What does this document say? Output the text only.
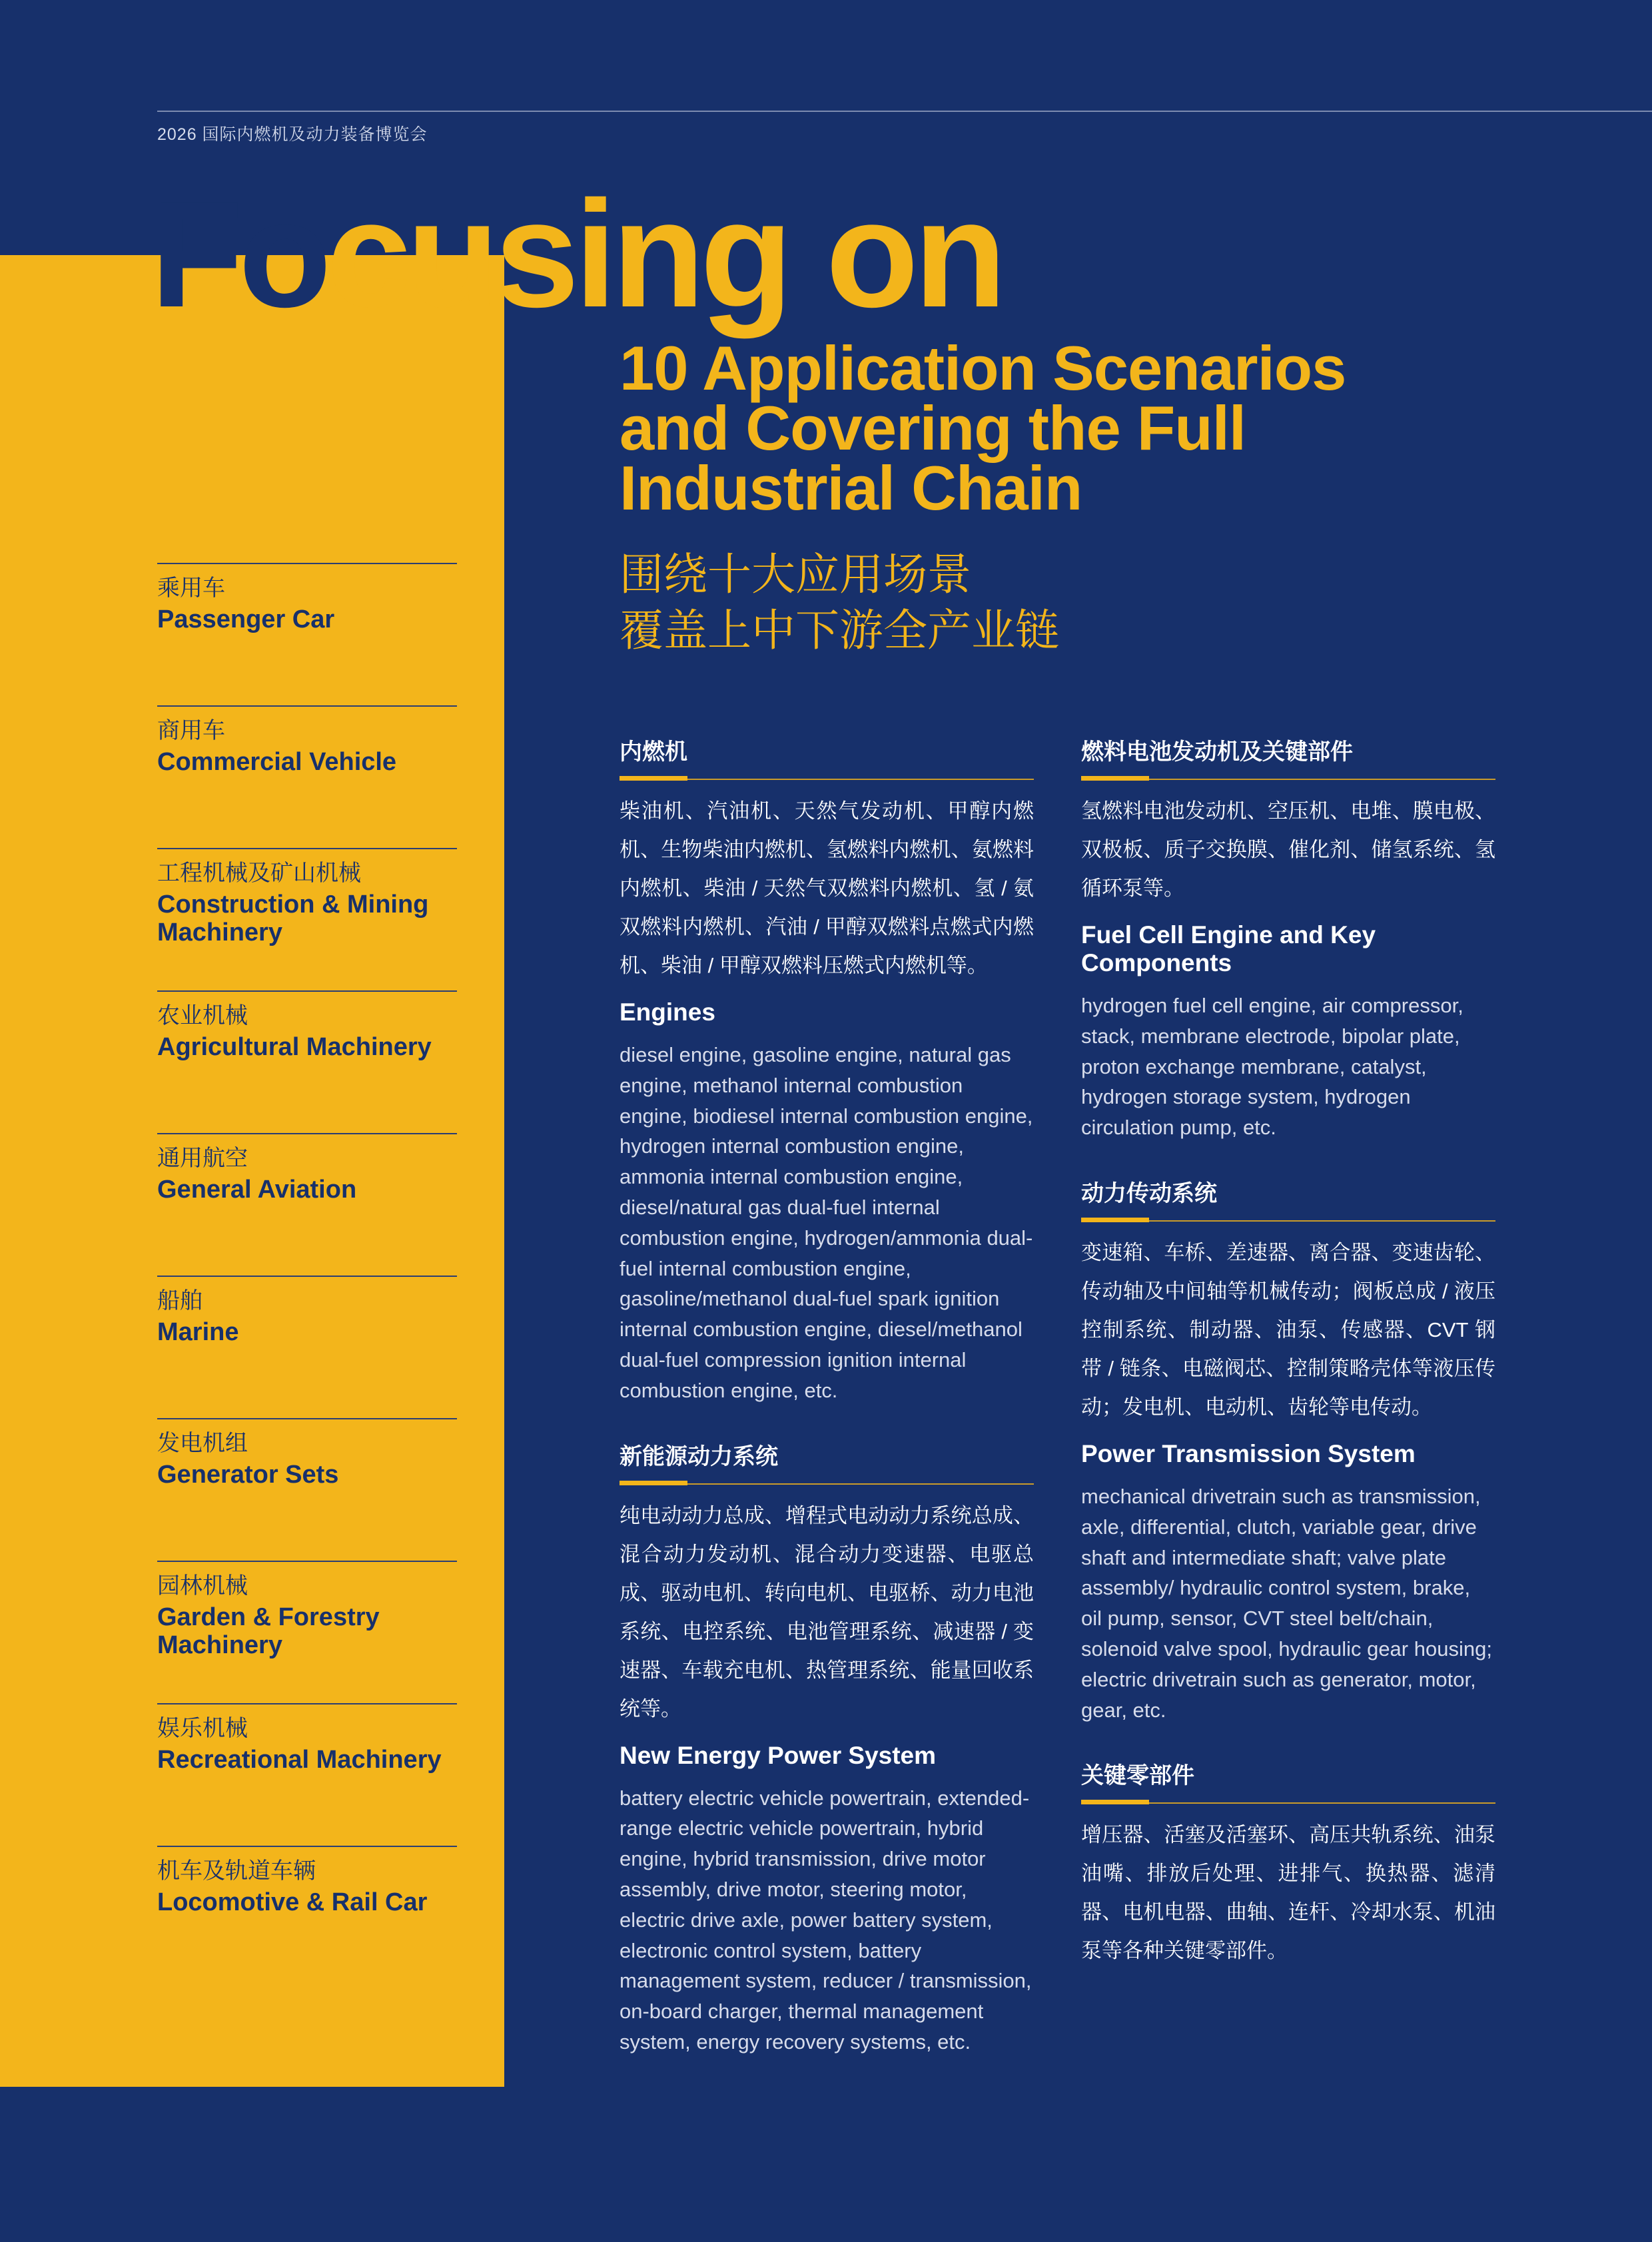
2026 国际内燃机及动力装备博览会
Focusing on
10 Application Scenarios
and Covering the Full
Industrial Chain
围绕十大应用场景
覆盖上中下游全产业链
乘用车
Passenger Car
商用车
Commercial Vehicle
工程机械及矿山机械
Construction & Mining Machinery
农业机械
Agricultural Machinery
通用航空
General Aviation
船舶
Marine
发电机组
Generator Sets
园林机械
Garden & Forestry Machinery
娱乐机械
Recreational Machinery
机车及轨道车辆
Locomotive & Rail Car
内燃机
柴油机、汽油机、天然气发动机、甲醇内燃机、生物柴油内燃机、氢燃料内燃机、氨燃料内燃机、柴油 / 天然气双燃料内燃机、氢 / 氨双燃料内燃机、汽油 / 甲醇双燃料点燃式内燃机、柴油 / 甲醇双燃料压燃式内燃机等。
Engines
diesel engine, gasoline engine, natural gas engine, methanol internal combustion engine, biodiesel internal combustion engine, hydrogen internal combustion engine, ammonia internal combustion engine, diesel/natural gas dual-fuel internal combustion engine, hydrogen/ammonia dual-fuel internal combustion engine, gasoline/methanol dual-fuel spark ignition internal combustion engine, diesel/methanol dual-fuel compression ignition internal combustion engine, etc.
新能源动力系统
纯电动动力总成、增程式电动动力系统总成、混合动力发动机、混合动力变速器、电驱总成、驱动电机、转向电机、电驱桥、动力电池系统、电控系统、电池管理系统、减速器 / 变速器、车载充电机、热管理系统、能量回收系统等。
New Energy Power System
battery electric vehicle powertrain, extended-range electric vehicle powertrain, hybrid engine, hybrid transmission, drive motor assembly, drive motor, steering motor, electric drive axle, power battery system, electronic control system, battery management system, reducer / transmission, on-board charger, thermal management system, energy recovery systems, etc.
燃料电池发动机及关键部件
氢燃料电池发动机、空压机、电堆、膜电极、双极板、质子交换膜、催化剂、储氢系统、氢循环泵等。
Fuel Cell Engine and Key Components
hydrogen fuel cell engine, air compressor, stack, membrane electrode, bipolar plate, proton exchange membrane, catalyst, hydrogen storage system, hydrogen circulation pump, etc.
动力传动系统
变速箱、车桥、差速器、离合器、变速齿轮、传动轴及中间轴等机械传动；阀板总成 / 液压控制系统、制动器、油泵、传感器、CVT 钢带 / 链条、电磁阀芯、控制策略壳体等液压传动；发电机、电动机、齿轮等电传动。
Power Transmission System
mechanical drivetrain such as transmission, axle, differential, clutch, variable gear, drive shaft and intermediate shaft; valve plate assembly/ hydraulic control system, brake, oil pump, sensor, CVT steel belt/chain, solenoid valve spool, hydraulic gear housing; electric drivetrain such as generator, motor, gear, etc.
关键零部件
增压器、活塞及活塞环、高压共轨系统、油泵油嘴、排放后处理、进排气、换热器、滤清器、电机电器、曲轴、连杆、冷却水泵、机油泵等各种关键零部件。
